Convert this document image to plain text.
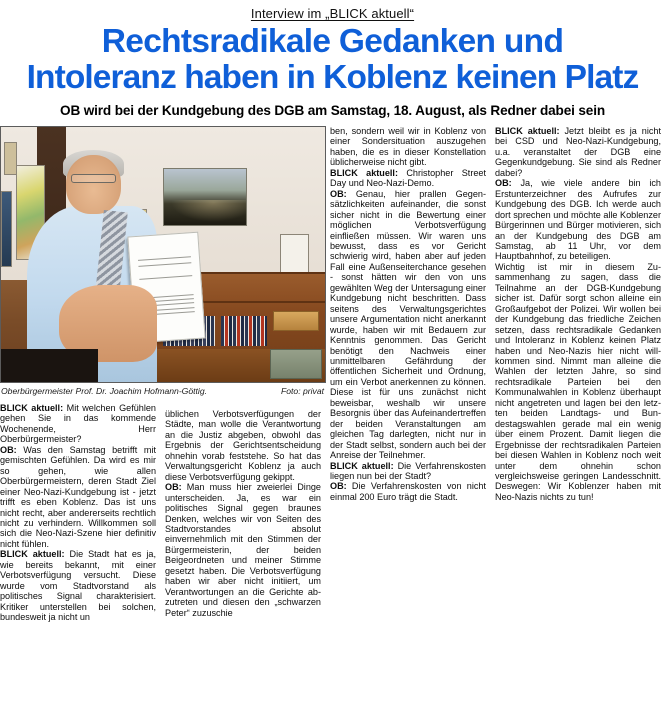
Interview im „BLICK aktuell“
Rechtsradikale Gedanken und
Intoleranz haben in Koblenz keinen Platz
OB wird bei der Kundgebung des DGB am Samstag, 18. August, als Redner dabei sein
Oberbürgermeister Prof. Dr. Joachim Hofmann-Göttig.	Foto: privat

BLICK aktuell: Mit welchen Gefühlen gehen Sie in das kommende Wochenende, Herr Oberbürgermeister?

OB: Was den Samstag betrifft mit gemischten Gefühlen. Da wird es mir so gehen, wie allen Oberbürgermeistern, deren Stadt Ziel einer Neo-Nazi-Kundgebung ist - jetzt trifft es eben Koblenz. Das ist uns nicht recht, aber andererseits rechtlich nicht zu verhindern. Willkommen soll sich die Neo-Nazi-Szene hier definitiv nicht fühlen.

BLICK aktuell: Die Stadt hat es ja, wie bereits bekannt, mit einer Verbotsverfügung versucht. Diese wurde vom Stadtvorstand als politisches Signal charakterisiert. Kritiker unterstellen bei solchen, bundesweit ja nicht un

üblichen Verbotsverfügungen der Städte, man wolle die Verantwortung an die Justiz abgeben, obwohl das Ergebnis der Gerichtsentscheidung ohnehin vorab feststehe. So hat das Verwaltungsgericht Koblenz ja auch diese Verbotsverfügung gekippt.

OB: Man muss hier zweierlei Dinge unterscheiden. Ja, es war ein politisches Signal gegen braunes Denken, welches wir von Seiten des Stadtvorstandes absolut einvernehmlich mit den Stimmen der Bürgermeisterin, der beiden Beigeordneten und meiner Stimme gesetzt haben. Die Verbotsverfügung haben wir aber nicht initiiert, um Verantwortungen an die Gerichte abzutreten und diesen den „schwarzen Peter“ zuzuschie

ben, sondern weil wir in Koblenz von einer Sondersituation auszugehen haben, die es in dieser Konstellation üblicherweise nicht gibt.

BLICK aktuell: Christopher Street Day und Neo-Nazi-Demo.

OB: Genau, hier prallen Gegensätzlichkeiten aufeinander, die sonst sicher nicht in die Bewertung einer möglichen Verbotsverfügung einfließen müssen. Wir waren uns bewusst, dass es vor Gericht schwierig wird, haben aber auf jeden Fall eine Außenseiterchance gesehen - sonst hätten wir den von uns gewählten Weg der Untersagung einer Kundgebung nicht beschritten. Dass seitens des Verwaltungsgerichtes unsere Argumentation nicht anerkannt wurde, haben wir mit Bedauern zur Kenntnis genommen. Das Gericht benötigt den Nachweis einer unmittelbaren Gefährdung der öffentlichen Sicherheit und Ordnung, um ein Verbot anerkennen zu können. Diese ist für uns zunächst nicht beweisbar, weshalb wir unsere Besorgnis über das Aufeinandertreffen der beiden Veranstaltungen am gleichen Tag darlegten, nicht nur in der Stadt selbst, sondern auch bei der Anreise der Teilnehmer.

BLICK aktuell: Die Verfahrenskosten liegen nun bei der Stadt?

OB: Die Verfahrenskosten von nicht einmal 200 Euro trägt die Stadt.

BLICK aktuell: Jetzt bleibt es ja nicht bei CSD und Neo-Nazi-Kundgebung, u.a. veranstaltet der DGB eine Gegenkundgebung. Sie sind als Redner dabei?

OB: Ja, wie viele andere bin ich Erstunterzeichner des Aufrufes zur Kundgebung des DGB. Ich werde auch dort sprechen und möchte alle Koblenzer Bürgerinnen und Bürger motivieren, sich an der Kundgebung des DGB am Samstag, ab 11 Uhr, vor dem Hauptbahnhof, zu beteiligen.

Wichtig ist mir in diesem Zusammenhang zu sagen, dass die Teilnahme an der DGB-Kundgebung sicher ist. Dafür sorgt schon alleine ein Großaufgebot der Polizei. Wir wollen bei der Kundgebung das friedliche Zeichen setzen, dass rechtsradikale Gedanken und Intoleranz in Koblenz keinen Platz haben und Neo-Nazis hier nicht willkommen sind. Nimmt man alleine die Wahlen der letzten Jahre, so sind rechtsradikale Parteien bei den Kommunalwahlen in Koblenz überhaupt nicht angetreten und lagen bei den letzten beiden Landtags- und Bundestagswahlen gerade mal ein wenig über einem Prozent. Damit liegen die Ergebnisse der rechtsradikalen Parteien bei diesen Wahlen in Koblenz noch weit unter dem ohnehin schon vergleichsweise geringen Landesschnitt. Deswegen: Wir Koblenzer haben mit Neo-Nazis nichts zu tun!
